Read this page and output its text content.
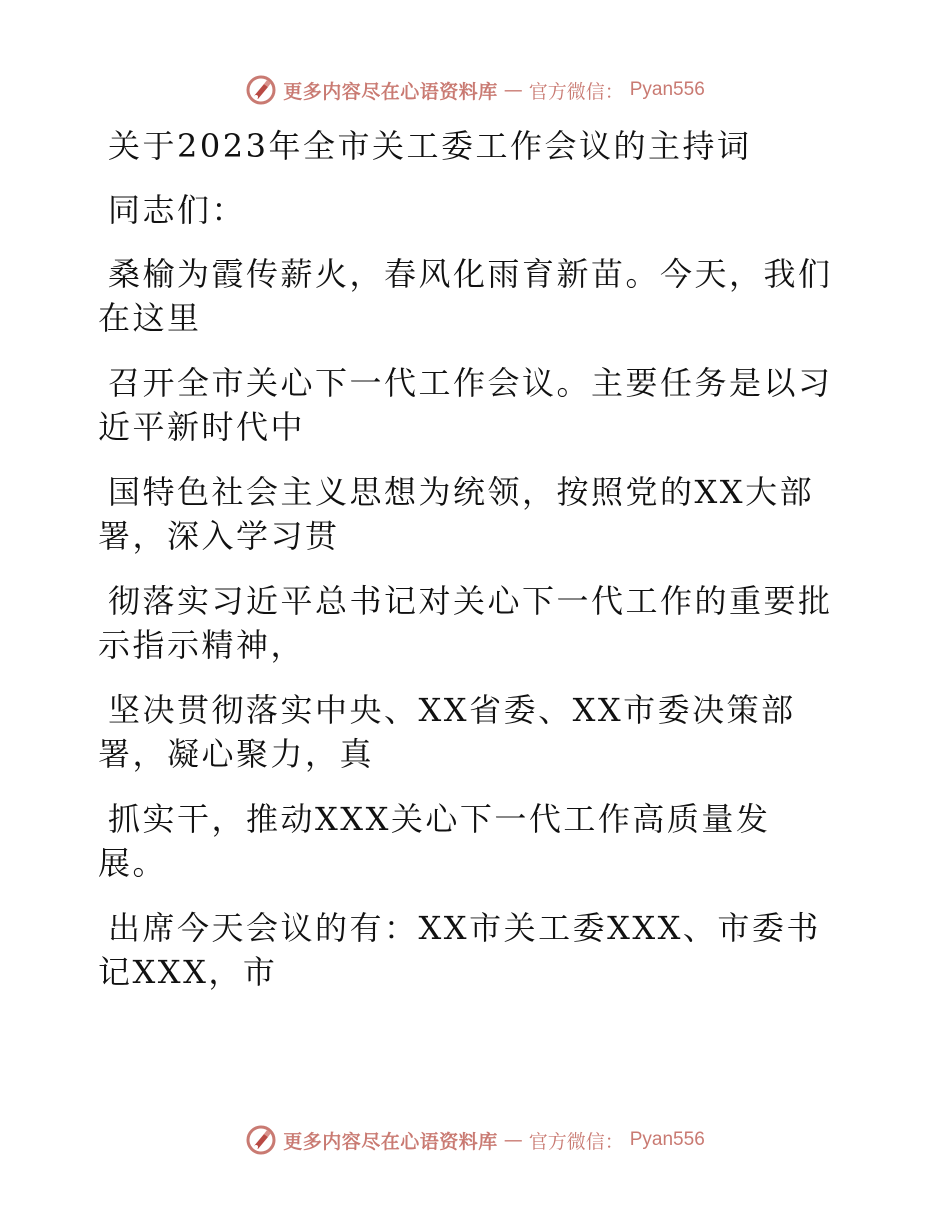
更多内容尽在心语资料库 — 官方微信： Pyan556

关于2023年全市关工委工作会议的主持词

同志们：

桑榆为霞传薪火，春风化雨育新苗。今天，我们在这里

召开全市关心下一代工作会议。主要任务是以习近平新时代中

国特色社会主义思想为统领，按照党的XX大部署，深入学习贯

彻落实习近平总书记对关心下一代工作的重要批示指示精神，

坚决贯彻落实中央、XX省委、XX市委决策部署，凝心聚力，真

抓实干，推动XXX关心下一代工作高质量发展。

出席今天会议的有：XX市关工委XXX、市委书记XXX，市

更多内容尽在心语资料库 — 官方微信： Pyan556
